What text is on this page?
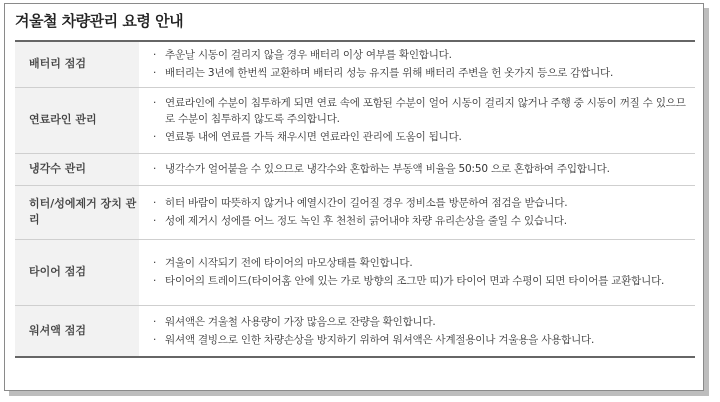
겨울철 차량관리 요령 안내
배터리 점검	· 추운날 시동이 걸리지 않을 경우 배터리 이상 여부를 확인합니다.
· 배터리는 3년에 한번씩 교환하며 배터리 성능 유지를 위해 배터리 주변을 헌 옷가지 등으로 감쌉니다.

연료라인 관리	· 연료라인에 수분이 침투하게 되면 연료 속에 포함된 수분이 얼어 시동이 걸리지 않거나 주행 중 시동이 꺼질 수 있으므로 수분이 침투하지 않도록 주의합니다.
· 연료통 내에 연료를 가득 채우시면 연료라인 관리에 도움이 됩니다.

냉각수 관리	· 냉각수가 얼어붙을 수 있으므로 냉각수와 혼합하는 부동액 비율을 50:50 으로 혼합하여 주입합니다.

히터/성에제거 장치 관리	· 히터 바람이 따뜻하지 않거나 예열시간이 길어질 경우 정비소를 방문하여 점검을 받습니다.
· 성에 제거시 성에를 어느 정도 녹인 후 천천히 긁어내야 차량 유리손상을 줄일 수 있습니다.

타이어 점검	· 겨울이 시작되기 전에 타이어의 마모상태를 확인합니다.
· 타이어의 트레이드(타이어홈 안에 있는 가로 방향의 조그만 띠)가 타이어 면과 수평이 되면 타이어를 교환합니다.

워셔액 점검	· 워셔액은 겨울철 사용량이 가장 많음으로 잔량을 확인합니다.
· 워셔액 결빙으로 인한 차량손상을 방지하기 위하여 워셔액은 사계절용이나 겨울용을 사용합니다.
